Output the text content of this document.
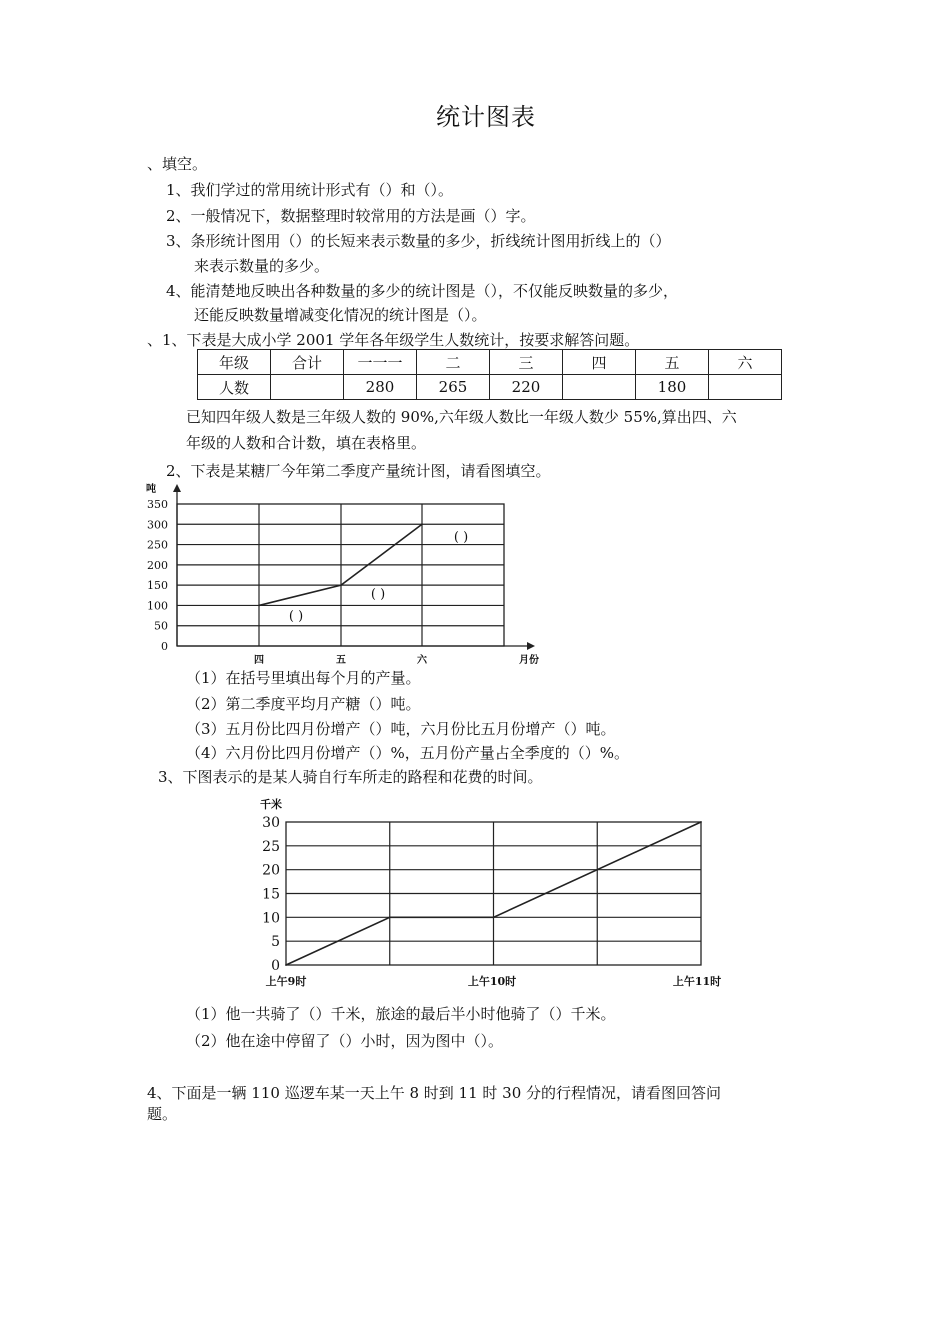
统计图表
、填空。
1、我们学过的常用统计形式有（）和（）。
2、一般情况下，数据整理时较常用的方法是画（）字。
3、条形统计图用（）的长短来表示数量的多少，折线统计图用折线上的（）
来表示数量的多少。
4、能清楚地反映出各种数量的多少的统计图是（），不仅能反映数量的多少，
还能反映数量增减变化情况的统计图是（）。
、1、下表是大成小学 2001 学年各年级学生人数统计，按要求解答问题。
年级	合计	一一一	二	三	四	五	六
人数		280	265	220		180	
已知四年级人数是三年级人数的 90%,六年级人数比一年级人数少 55%,算出四、六
年级的人数和合计数，填在表格里。
2、下表是某糖厂今年第二季度产量统计图，请看图填空。
0
50
100
150
200
250
300
350
吨
月份
四	五	六
( )
( )
( )
（1）在括号里填出每个月的产量。
（2）第二季度平均月产糖（）吨。
（3）五月份比四月份增产（）吨，六月份比五月份增产（）吨。
（4）六月份比四月份增产（）%，五月份产量占全季度的（）%。
3、下图表示的是某人骑自行车所走的路程和花费的时间。
0
5
10
15
20
25
30
千米
上午9时	上午10时	上午11时
（1）他一共骑了（）千米，旅途的最后半小时他骑了（）千米。
（2）他在途中停留了（）小时，因为图中（）。
4、下面是一辆 110 巡逻车某一天上午 8 时到 11 时 30 分的行程情况，请看图回答问
题。
